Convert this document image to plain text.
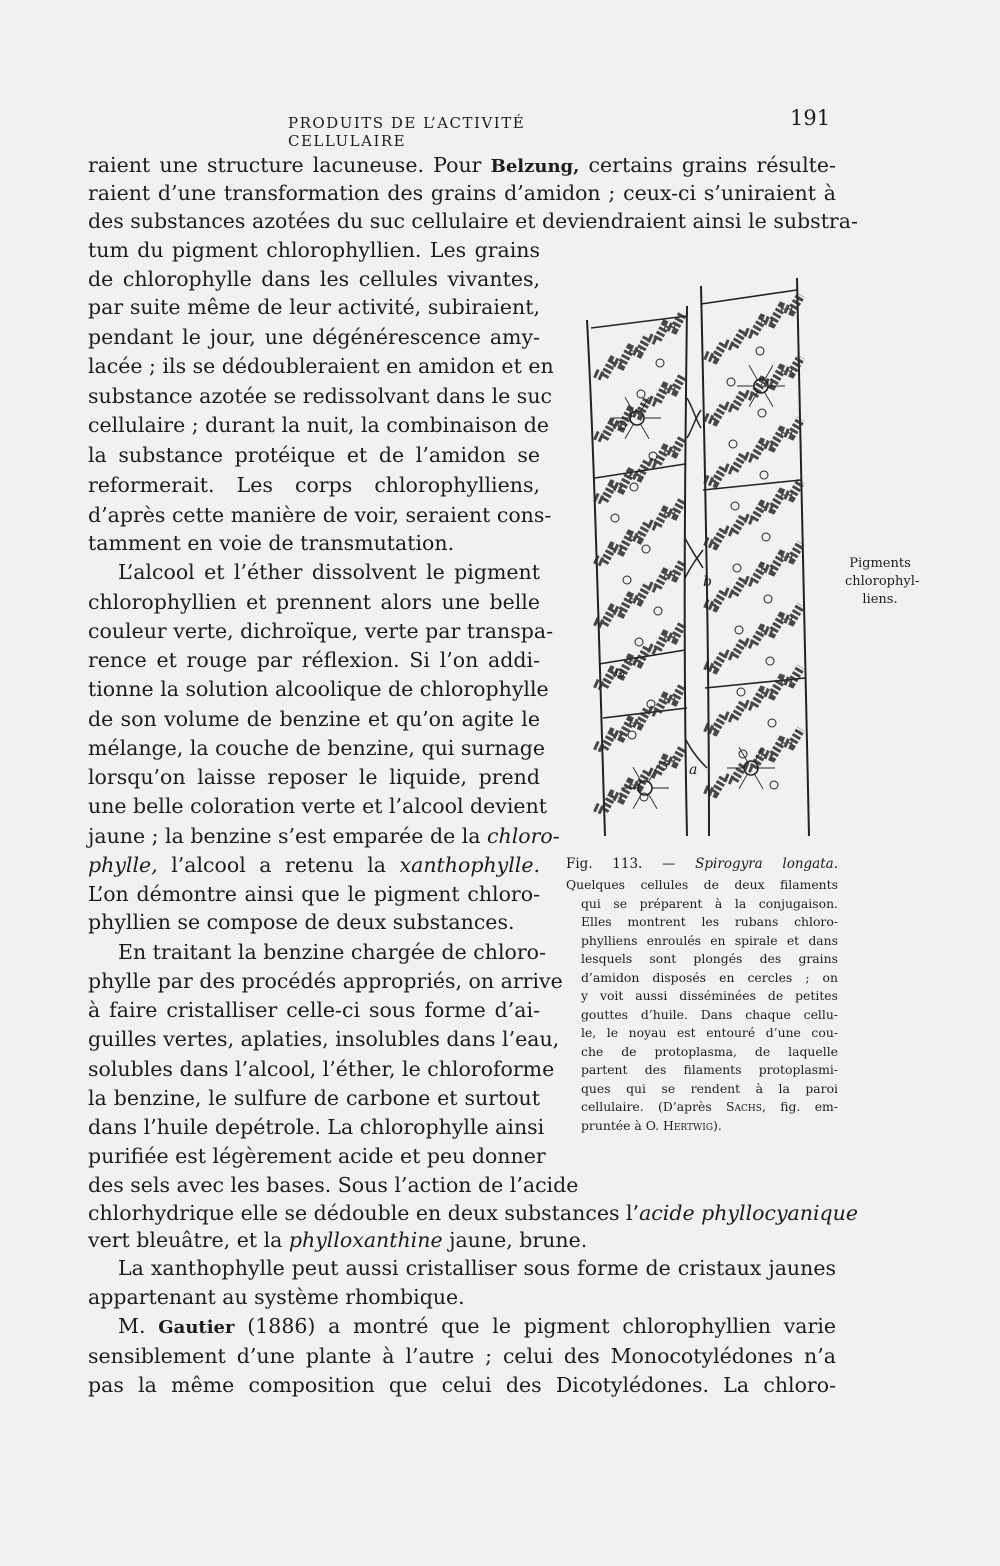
PRODUITS DE L’ACTIVITÉ CELLULAIRE
191
raient une structure lacuneuse. Pour Belzung, certains grains résulte-
raient d’une transformation des grains d’amidon ; ceux-ci s’uniraient à
des substances azotées du suc cellulaire et deviendraient ainsi le substra-
tum du pigment chlorophyllien. Les grains
de chlorophylle dans les cellules vivantes,
par suite même de leur activité, subiraient,
pendant le jour, une dégénérescence amy-
lacée ; ils se dédoubleraient en amidon et en
substance azotée se redissolvant dans le suc
cellulaire ; durant la nuit, la combinaison de
la substance protéique et de l’amidon se
reformerait. Les corps chlorophylliens,
d’après cette manière de voir, seraient cons-
tamment en voie de transmutation.
L’alcool et l’éther dissolvent le pigment
chlorophyllien et prennent alors une belle
couleur verte, dichroïque, verte par transpa-
rence et rouge par réflexion. Si l’on addi-
tionne la solution alcoolique de chlorophylle
de son volume de benzine et qu’on agite le
mélange, la couche de benzine, qui surnage
lorsqu’on laisse reposer le liquide, prend
une belle coloration verte et l’alcool devient
jaune ; la benzine s’est emparée de la chloro-
phylle, l’alcool a retenu la xanthophylle.
L’on démontre ainsi que le pigment chloro-
phyllien se compose de deux substances.
En traitant la benzine chargée de chloro-
phylle par des procédés appropriés, on arrive
à faire cristalliser celle-ci sous forme d’ai-
guilles vertes, aplaties, insolubles dans l’eau,
solubles dans l’alcool, l’éther, le chloroforme
la benzine, le sulfure de carbone et surtout
dans l’huile depétrole. La chlorophylle ainsi
purifiée est légèrement acide et peu donner
des sels avec les bases. Sous l’action de l’acide
chlorhydrique elle se dédouble en deux substances l’acide phyllocyanique
vert bleuâtre, et la phylloxanthine jaune, brune.
La xanthophylle peut aussi cristalliser sous forme de cristaux jaunes
appartenant au système rhombique.
M. Gautier (1886) a montré que le pigment chlorophyllien varie
sensiblement d’une plante à l’autre ; celui des Monocotylédones n’a
pas la même composition que celui des Dicotylédones. La chloro-
b
a
Fig. 113. — Spirogyra longata.
Quelques cellules de deux filaments
qui se préparent à la conjugaison.
Elles montrent les rubans chloro-
phylliens enroulés en spirale et dans
lesquels sont plongés des grains
d’amidon disposés en cercles ; on
y voit aussi disséminées de petites
gouttes d’huile. Dans chaque cellu-
le, le noyau est entouré d’une cou-
che de protoplasma, de laquelle
partent des filaments protoplasmi-
ques qui se rendent à la paroi
cellulaire. (D’après Sachs, fig. em-
pruntée à O. Hertwig).
Pigments
chlorophyl-
liens.
